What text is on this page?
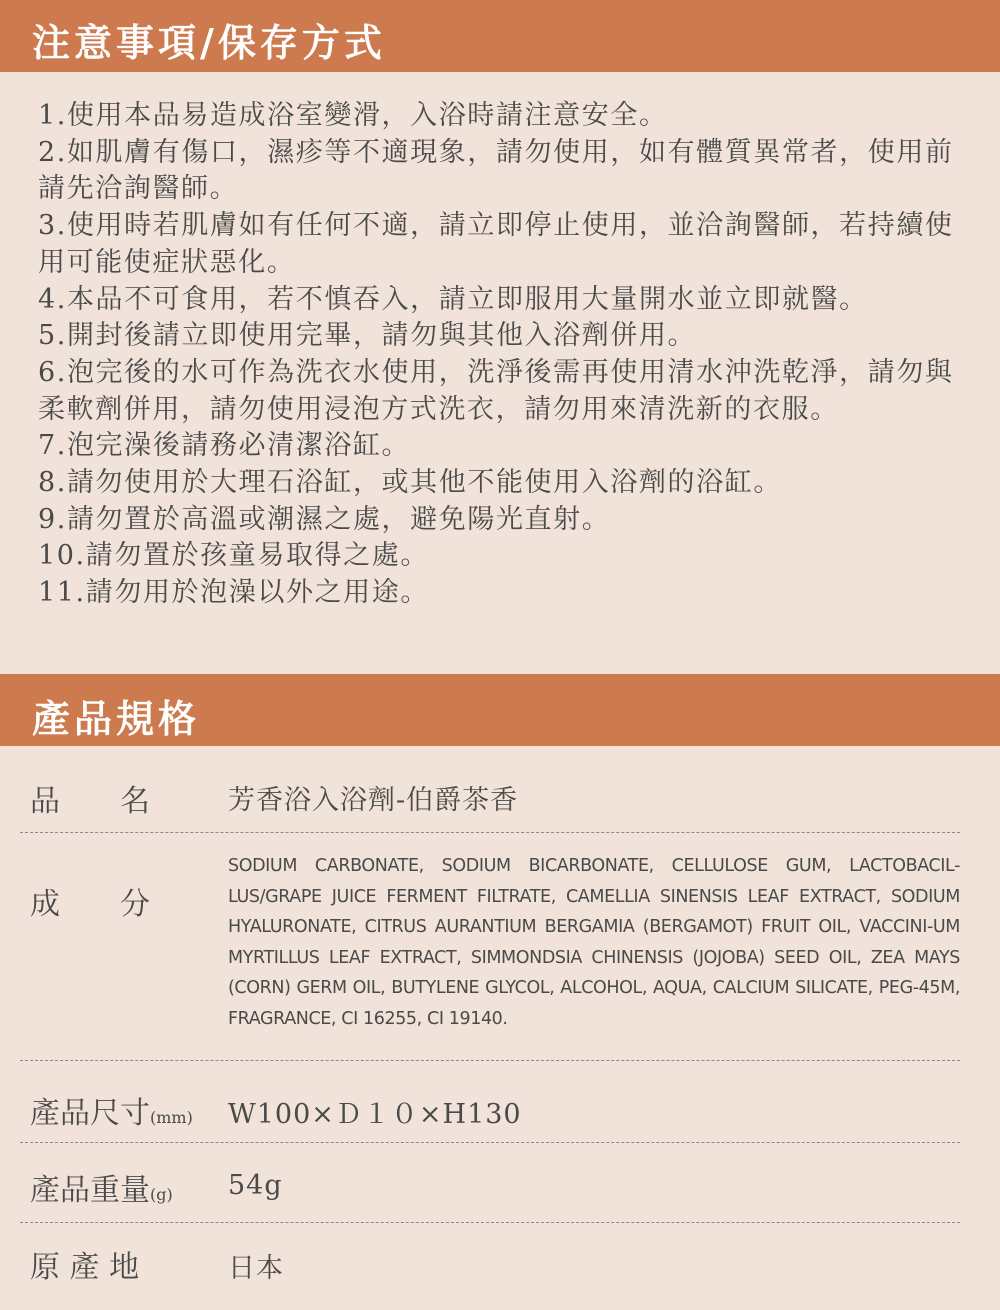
注意事項/保存方式
1.使用本品易造成浴室變滑，入浴時請注意安全。
2.如肌膚有傷口，濕疹等不適現象，請勿使用，如有體質異常者，使用前請先洽詢醫師。
3.使用時若肌膚如有任何不適，請立即停止使用，並洽詢醫師，若持續使用可能使症狀惡化。
4.本品不可食用，若不慎吞入，請立即服用大量開水並立即就醫。
5.開封後請立即使用完畢，請勿與其他入浴劑併用。
6.泡完後的水可作為洗衣水使用，洗淨後需再使用清水沖洗乾淨，請勿與柔軟劑併用，請勿使用浸泡方式洗衣，請勿用來清洗新的衣服。
7.泡完澡後請務必清潔浴缸。
8.請勿使用於大理石浴缸，或其他不能使用入浴劑的浴缸。
9.請勿置於高溫或潮濕之處，避免陽光直射。
10.請勿置於孩童易取得之處。
11.請勿用於泡澡以外之用途。
產品規格
品　　名	芳香浴入浴劑-伯爵茶香
成　　分

SODIUM CARBONATE, SODIUM BICARBONATE, CELLULOSE GUM, LACTOBACIL-LUS/GRAPE JUICE FERMENT FILTRATE, CAMELLIA SINENSIS LEAF EXTRACT, SODIUM HYALURONATE, CITRUS AURANTIUM BERGAMIA (BERGAMOT) FRUIT OIL, VACCINI-UM MYRTILLUS LEAF EXTRACT, SIMMONDSIA CHINENSIS (JOJOBA) SEED OIL, ZEA MAYS (CORN) GERM OIL, BUTYLENE GLYCOL, ALCOHOL, AQUA, CALCIUM SILICATE, PEG-45M, FRAGRANCE, CI 16255, CI 19140.

產品尺寸(mm) W100×Ｄ１０×H130
產品重量(g) 54g
原 產 地	日本
